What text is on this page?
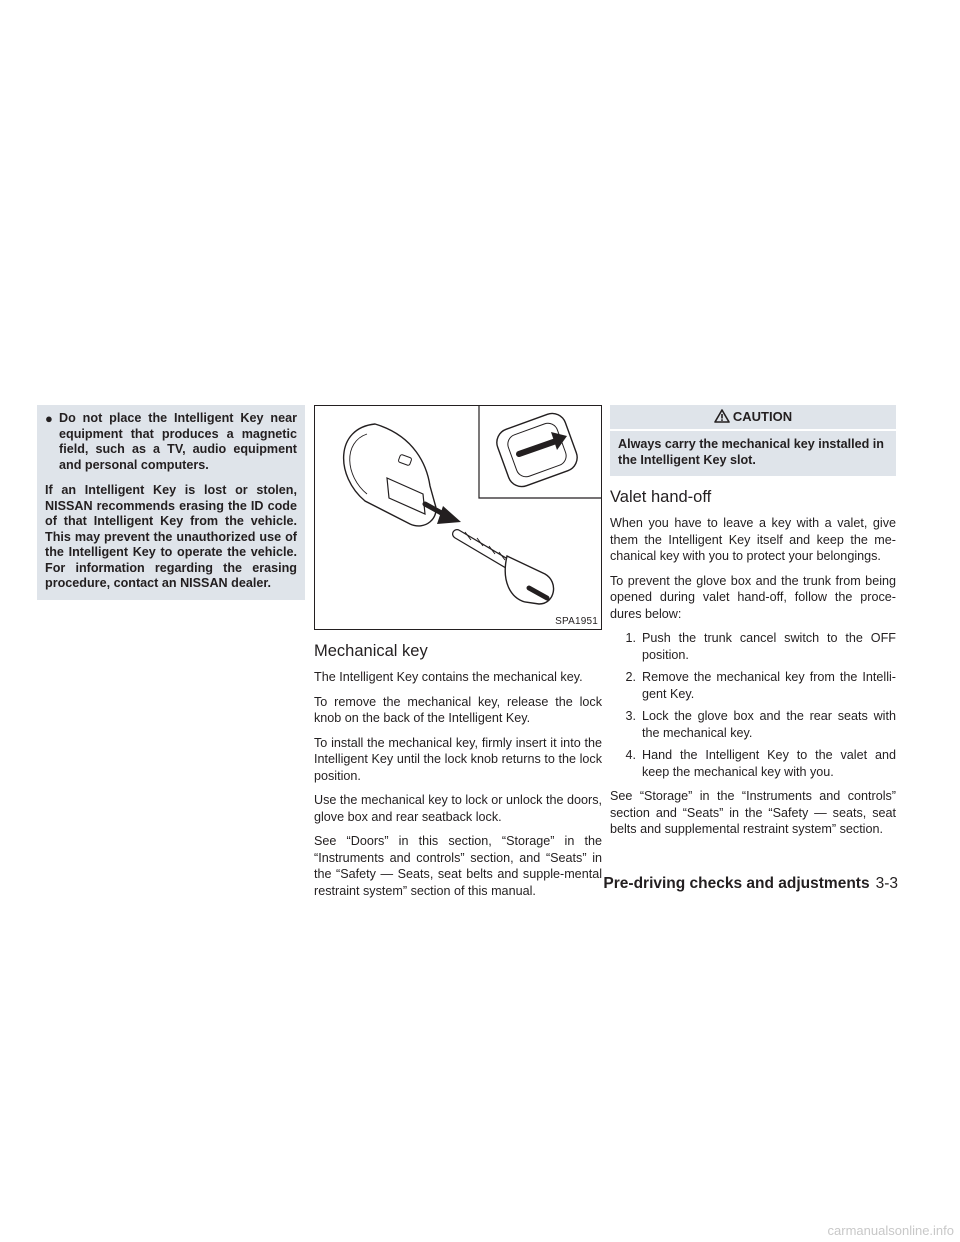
● Do not place the Intelligent Key near equipment that produces a magnetic field, such as a TV, audio equipment and personal computers.
If an Intelligent Key is lost or stolen, NISSAN recommends erasing the ID code of that Intelligent Key from the vehicle. This may prevent the unauthorized use of the Intelligent Key to operate the vehicle. For information regarding the erasing procedure, contact an NISSAN dealer.
SPA1951
Mechanical key

The Intelligent Key contains the mechanical key.

To remove the mechanical key, release the lock knob on the back of the Intelligent Key.

To install the mechanical key, firmly insert it into the Intelligent Key until the lock knob returns to the lock position.

Use the mechanical key to lock or unlock the doors, glove box and rear seatback lock.

See “Doors” in this section, “Storage” in the “Instruments and controls” section, and “Seats” in the “Safety — Seats, seat belts and supple-mental restraint system” section of this manual.

CAUTION
Always carry the mechanical key installed in the Intelligent Key slot.
Valet hand-off

When you have to leave a key with a valet, give them the Intelligent Key itself and keep the me-chanical key with you to protect your belongings.

To prevent the glove box and the trunk from being opened during valet hand-off, follow the proce-dures below:

1. Push the trunk cancel switch to the OFF position.
2. Remove the mechanical key from the Intelli-gent Key.
3. Lock the glove box and the rear seats with the mechanical key.
4. Hand the Intelligent Key to the valet and keep the mechanical key with you.

See “Storage” in the “Instruments and controls” section and “Seats” in the “Safety — seats, seat belts and supplemental restraint system” section.

Pre-driving checks and adjustments 3-3
carmanualsonline.info
